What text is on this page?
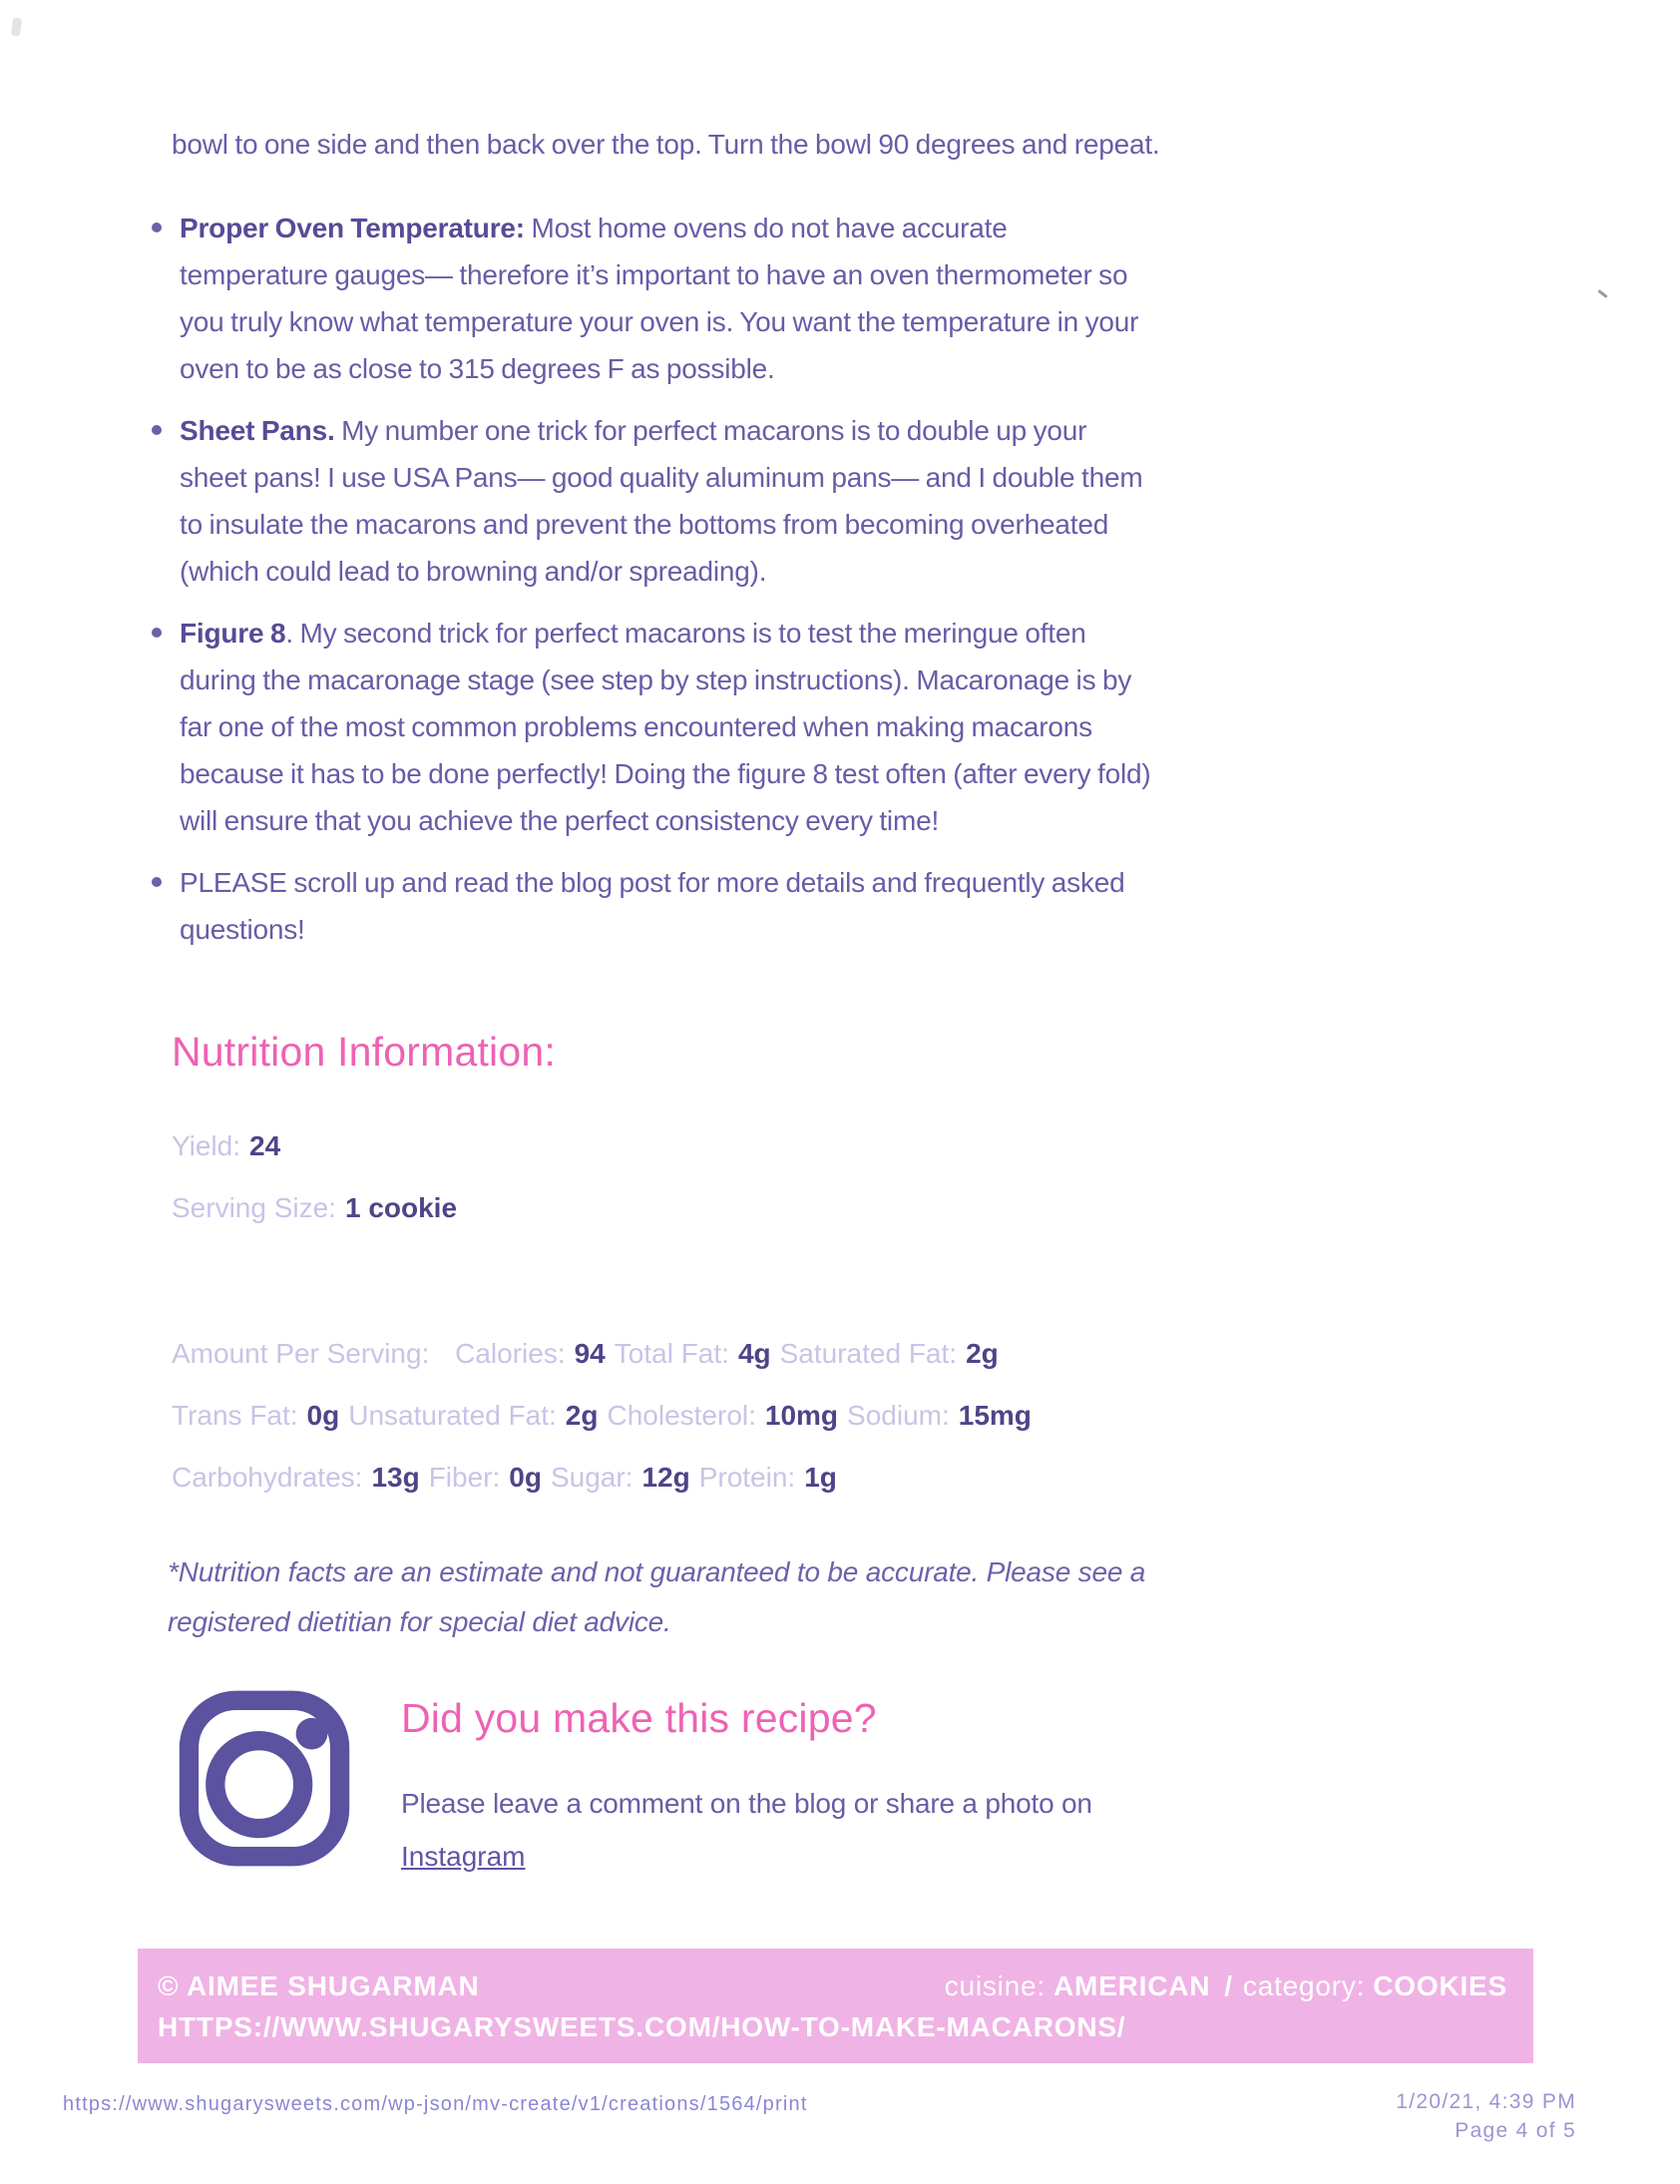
bowl to one side and then back over the top. Turn the bowl 90 degrees and repeat.

Proper Oven Temperature: Most home ovens do not have accurate temperature gauges— therefore it’s important to have an oven thermometer so you truly know what temperature your oven is. You want the temperature in your oven to be as close to 315 degrees F as possible.
Sheet Pans. My number one trick for perfect macarons is to double up your sheet pans! I use USA Pans— good quality aluminum pans— and I double them to insulate the macarons and prevent the bottoms from becoming overheated (which could lead to browning and/or spreading).
Figure 8. My second trick for perfect macarons is to test the meringue often during the macaronage stage (see step by step instructions). Macaronage is by far one of the most common problems encountered when making macarons because it has to be done perfectly! Doing the figure 8 test often (after every fold) will ensure that you achieve the perfect consistency every time!
PLEASE scroll up and read the blog post for more details and frequently asked questions!
Nutrition Information:
Yield: 24
Serving Size: 1 cookie
Amount Per Serving: Calories: 94 Total Fat: 4g Saturated Fat: 2g
Trans Fat: 0g Unsaturated Fat: 2g Cholesterol: 10mg Sodium: 15mg
Carbohydrates: 13g Fiber: 0g Sugar: 12g Protein: 1g

*Nutrition facts are an estimate and not guaranteed to be accurate. Please see a registered dietitian for special diet advice.

Did you make this recipe?

Please leave a comment on the blog or share a photo on

Instagram
© AIMEE SHUGARMAN	cuisine: AMERICAN / category: COOKIES
HTTPS://WWW.SHUGARYSWEETS.COM/HOW-TO-MAKE-MACARONS/
https://www.shugarysweets.com/wp-json/mv-create/v1/creations/1564/print	1/20/21, 4:39 PM
Page 4 of 5
